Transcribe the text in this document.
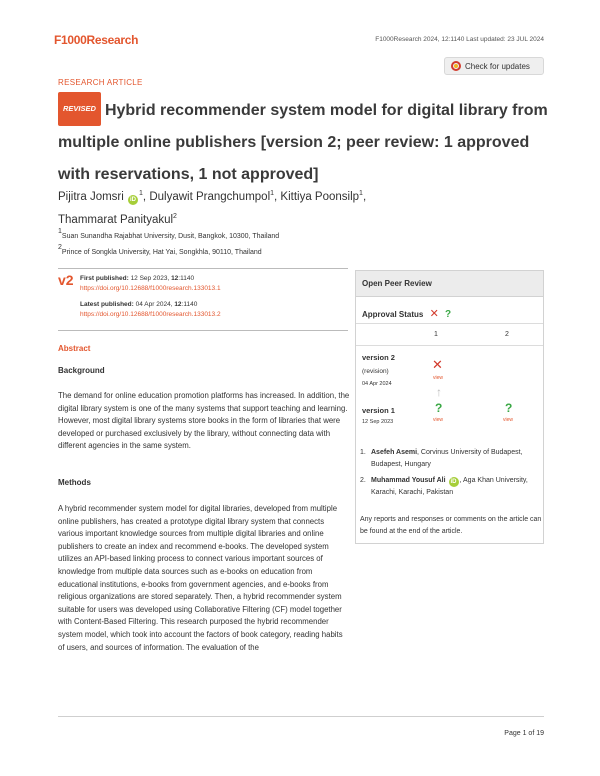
F1000Research	F1000Research 2024, 12:1140 Last updated: 23 JUL 2024
RESEARCH ARTICLE
Check for updates
REVISED Hybrid recommender system model for digital library from multiple online publishers [version 2; peer review: 1 approved with reservations, 1 not approved]
Pijitra Jomsri $iD^1$, Dulyawit Prangchumpol$^1$, Kittiya Poonsilp$^1$,
Thammarat Panityakul$^2$
1Suan Sunandha Rajabhat University, Dusit, Bangkok, 10300, Thailand
2Prince of Songkla University, Hat Yai, Songkhla, 90110, Thailand
v2 First published: 12 Sep 2023, 12:1140
https://doi.org/10.12688/f1000research.133013.1
Latest published: 04 Apr 2024, 12:1140
https://doi.org/10.12688/f1000research.133013.2
Abstract
Background
The demand for online education promotion platforms has increased. In addition, the digital library system is one of the many systems that support teaching and learning. However, most digital library systems store books in the form of libraries that were developed or purchased exclusively by the library, without connecting data with different agencies in the same system.
Methods
A hybrid recommender system model for digital libraries, developed from multiple online publishers, has created a prototype digital library system that connects various important knowledge sources from multiple digital libraries and online publishers to create an index and recommend e-books. The developed system utilizes an API-based linking process to connect various important sources of knowledge from multiple data sources such as e-books on education from educational institutions, e-books from government agencies, and e-books from religious organizations are stored separately. Then, a hybrid recommender system suitable for users was developed using Collaborative Filtering (CF) model together with Content-Based Filtering. This research purposed the hybrid recommender system model, which took into account the factors of book category, reading habits of users, and sources of information. The evaluation of the
Open Peer Review
Approval Status ✕ ?
1	2
version 2
(revision)
04 Apr 2024
✕
view
↑
version 1
12 Sep 2023
?
view
?
view
1. Asefeh Asemi, Corvinus University of Budapest, Budapest, Hungary
2. Muhammad Yousuf Ali iD , Aga Khan University, Karachi, Karachi, Pakistan
Any reports and responses or comments on the article can be found at the end of the article.
Page 1 of 19
